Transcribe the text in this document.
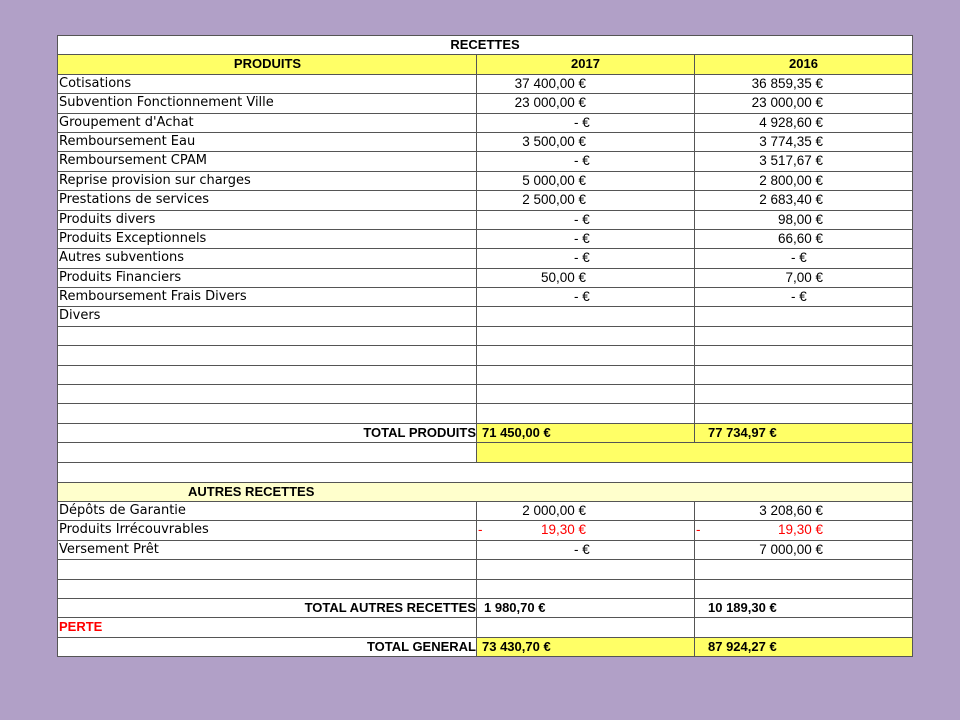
RECETTES
PRODUITS	2017	2016
Cotisations	37 400,00 €	36 859,35 €
Subvention Fonctionnement Ville	23 000,00 €	23 000,00 €
Groupement d'Achat	- €	4 928,60 €
Remboursement Eau	3 500,00 €	3 774,35 €
Remboursement CPAM	- €	3 517,67 €
Reprise provision sur charges	5 000,00 €	2 800,00 €
Prestations de services	2 500,00 €	2 683,40 €
Produits divers	- €	98,00 €
Produits Exceptionnels	- €	66,60 €
Autres subventions	- €	- €
Produits Financiers	50,00 €	7,00 €
Remboursement Frais Divers	- €	- €
Divers
TOTAL PRODUITS 71 450,00 €	77 734,97 €
AUTRES RECETTES
Dépôts de Garantie	2 000,00 €	3 208,60 €
Produits Irrécouvrables	-	19,30 €	-	19,30 €
Versement Prêt	- €	7 000,00 €
TOTAL AUTRES RECETTES 1 980,70 €	10 189,30 €
PERTE
TOTAL GENERAL 73 430,70 €	87 924,27 €
